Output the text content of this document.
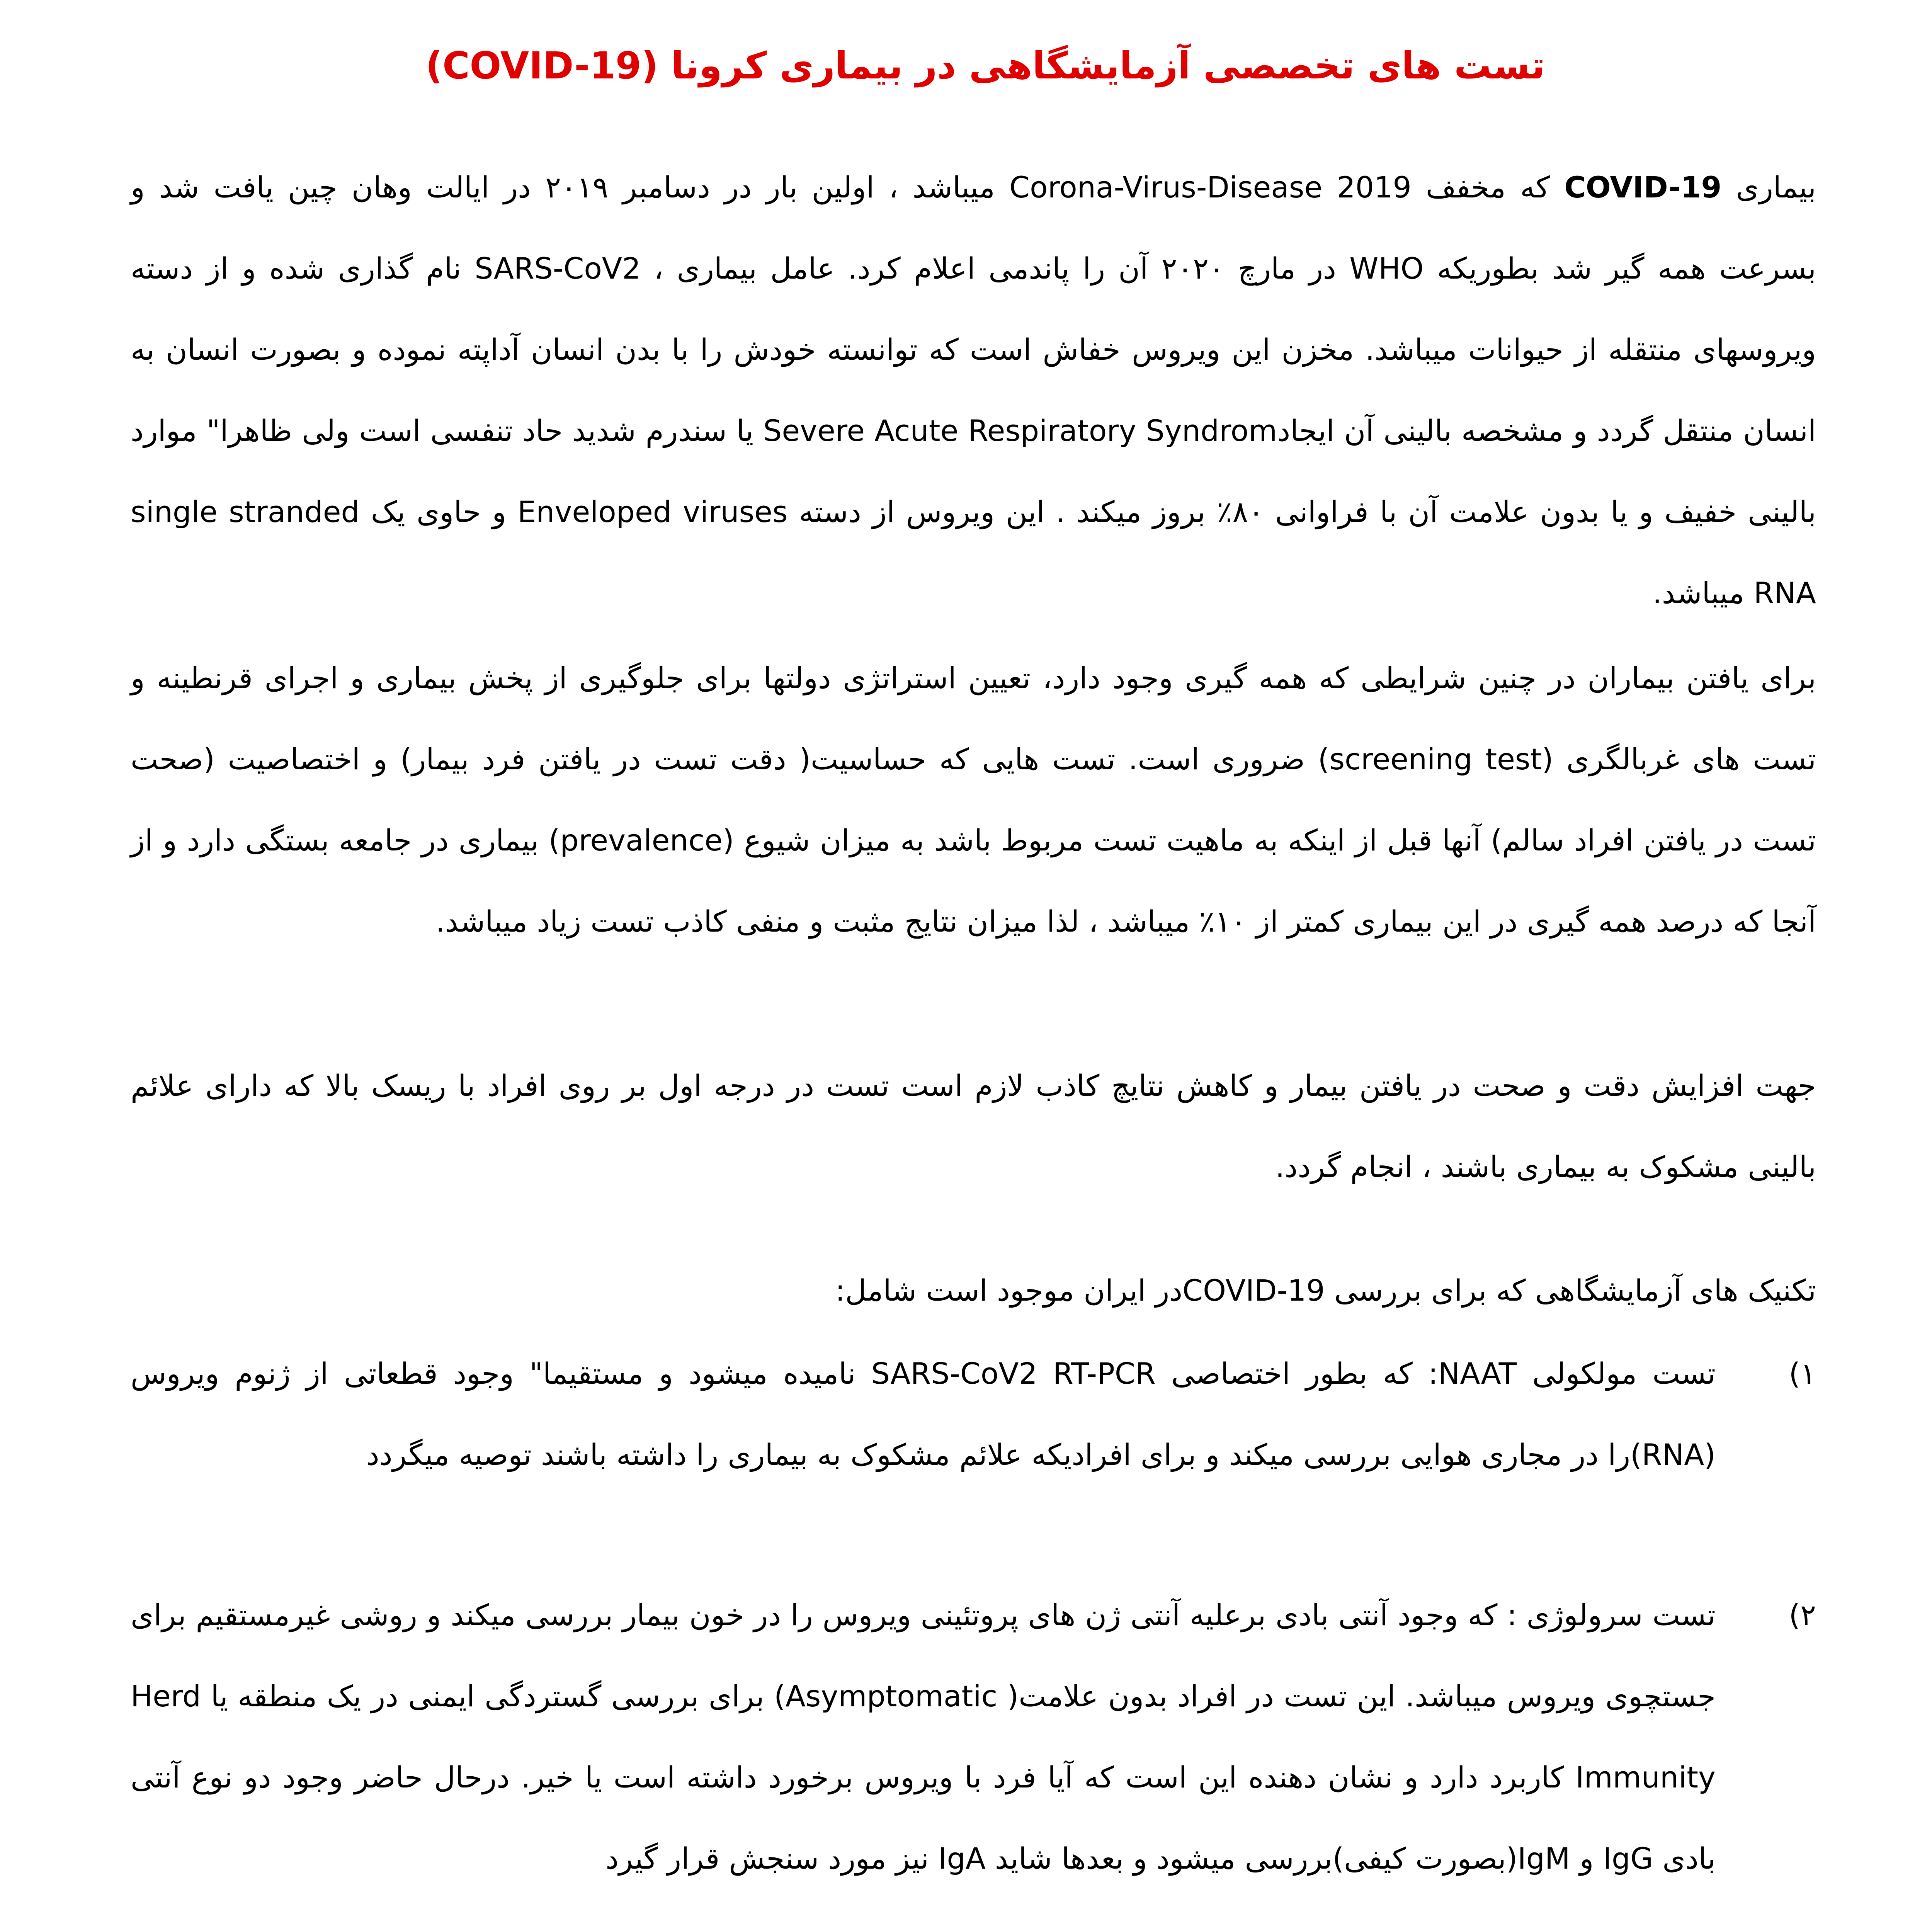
تست های تخصصی آزمایشگاهی در بیماری کرونا (COVID-19)

بیماری COVID-19 که مخفف Corona-Virus-Disease 2019 میباشد ، اولین بار در دسامبر ۲۰۱۹ در ایالت وهان چین یافت شد و بسرعت همه گیر شد بطوریکه WHO در مارچ ۲۰۲۰ آن را پاندمی اعلام کرد. عامل بیماری ، SARS-CoV2 نام گذاری شده و از دسته ویروسهای منتقله از حیوانات میباشد. مخزن این ویروس خفاش است که توانسته خودش را با بدن انسان آداپته نموده و بصورت انسان به انسان منتقل گردد و مشخصه بالینی آن ایجادSevere Acute Respiratory Syndrom یا سندرم شدید حاد تنفسی است ولی ظاهرا" موارد بالینی خفیف و یا بدون علامت آن با فراوانی ۸۰٪ بروز میکند . این ویروس از دسته Enveloped viruses و حاوی یک single stranded RNA میباشد.

برای یافتن بیماران در چنین شرایطی که همه گیری وجود دارد، تعیین استراتژی دولتها برای جلوگیری از پخش بیماری و اجرای قرنطینه و تست های غربالگری (screening test) ضروری است. تست هایی که حساسیت( دقت تست در یافتن فرد بیمار) و اختصاصیت (صحت تست در یافتن افراد سالم) آنها قبل از اینکه به ماهیت تست مربوط باشد به میزان شیوع (prevalence) بیماری در جامعه بستگی دارد و از آنجا که درصد همه گیری در این بیماری کمتر از ۱۰٪ میباشد ، لذا میزان نتایج مثبت و منفی کاذب تست زیاد میباشد.

جهت افزایش دقت و صحت در یافتن بیمار و کاهش نتایچ کاذب لازم است تست در درجه اول بر روی افراد با ریسک بالا که دارای علائم بالینی مشکوک به بیماری باشند ، انجام گردد.

تکنیک های آزمایشگاهی که برای بررسی COVID-19در ایران موجود است شامل:

۱)
تست مولکولی NAAT: که بطور اختصاصی SARS-CoV2 RT-PCR نامیده میشود و مستقیما" وجود قطعاتی از ژنوم ویروس (RNA)را در مجاری هوایی بررسی میکند و برای افرادیکه علائم مشکوک به بیماری را داشته باشند توصیه میگردد
۲)
تست سرولوژی : که وجود آنتی بادی برعلیه آنتی ژن های پروتئینی ویروس را در خون بیمار بررسی میکند و روشی غیرمستقیم برای جستچوی ویروس میباشد. این تست در افراد بدون علامت( Asymptomatic) برای بررسی گستردگی ایمنی در یک منطقه یا Herd Immunity کاربرد دارد و نشان دهنده این است که آیا فرد با ویروس برخورد داشته است یا خیر. درحال حاضر وجود دو نوع آنتی بادی IgG و IgM(بصورت کیفی)بررسی میشود و بعدها شاید IgA نیز مورد سنجش قرار گیرد
